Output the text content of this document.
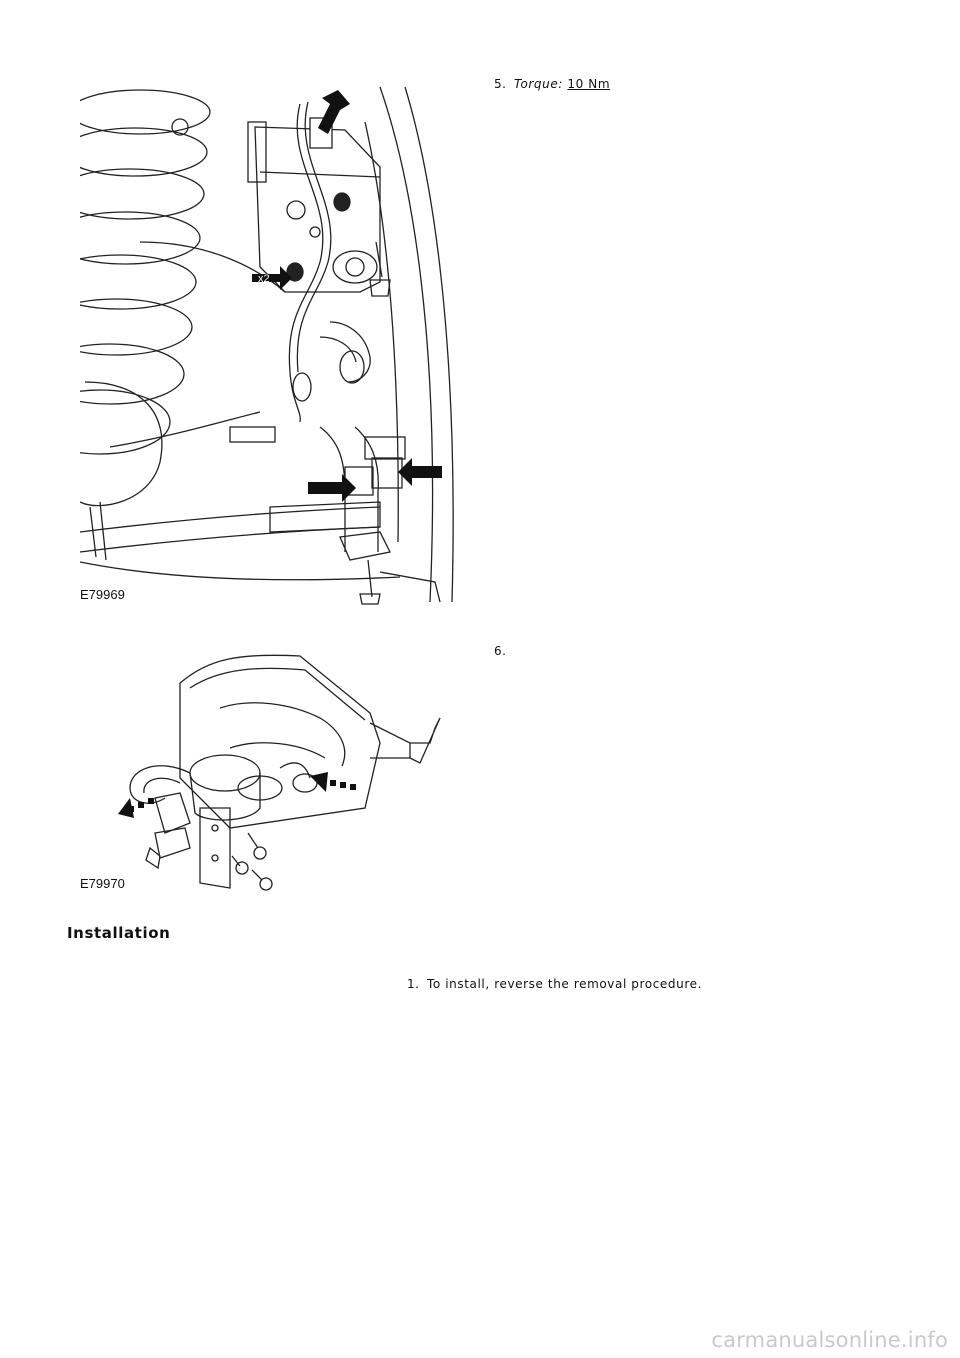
x2
E79969
5. Torque: 10 Nm
E79970
6.
Installation
1. To install, reverse the removal procedure.
carmanualsonline.info
